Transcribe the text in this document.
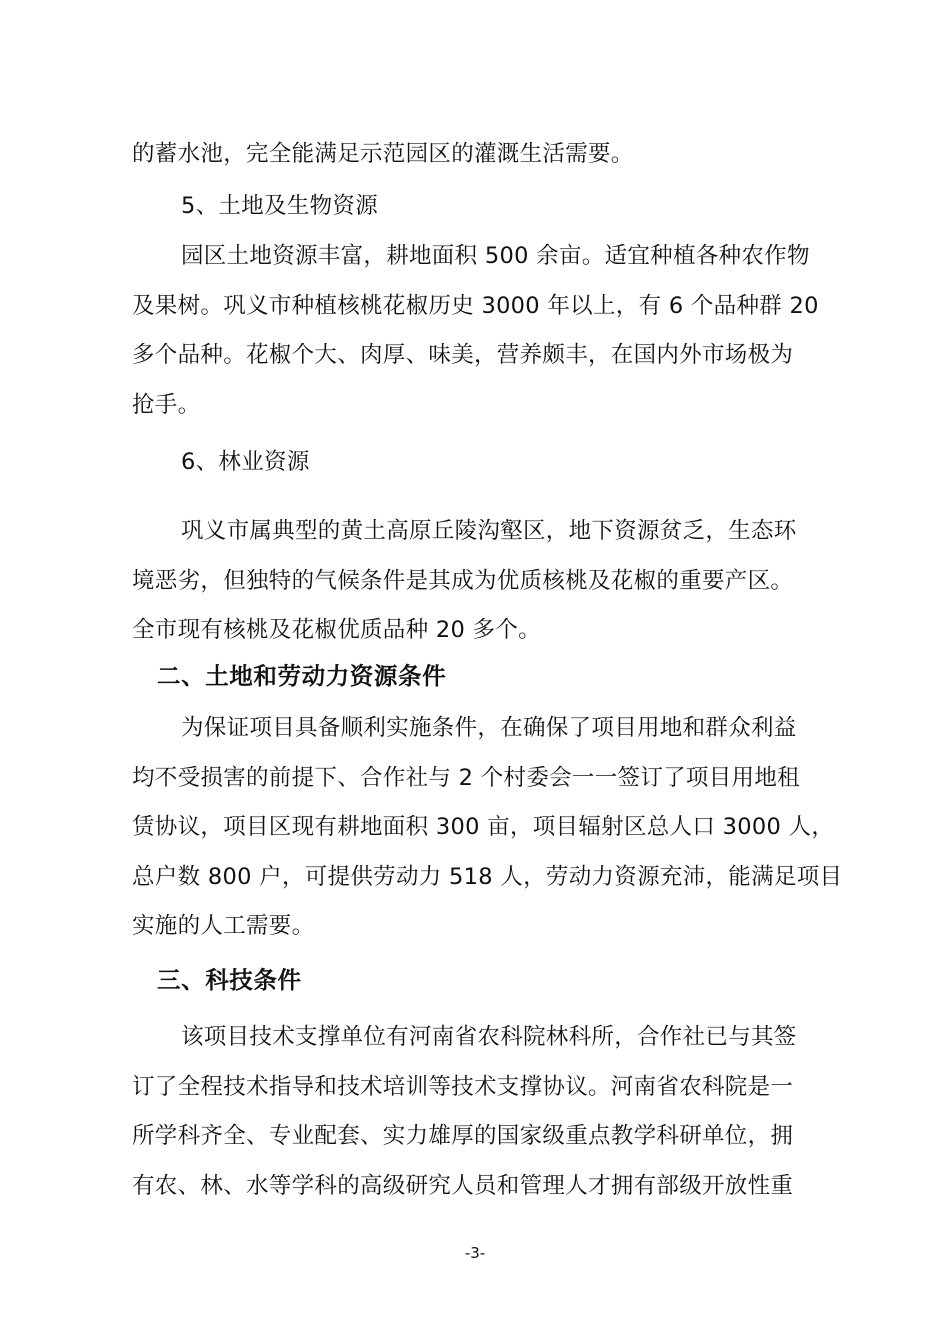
的蓄水池，完全能满足示范园区的灌溉生活需要。
5、土地及生物资源
园区土地资源丰富，耕地面积 500 余亩。适宜种植各种农作物
及果树。巩义市种植核桃花椒历史 3000 年以上，有 6 个品种群 20
多个品种。花椒个大、肉厚、味美，营养颇丰，在国内外市场极为
抢手。
6、林业资源
巩义市属典型的黄土高原丘陵沟壑区，地下资源贫乏，生态环
境恶劣，但独特的气候条件是其成为优质核桃及花椒的重要产区。
全市现有核桃及花椒优质品种 20 多个。
二、土地和劳动力资源条件
为保证项目具备顺利实施条件，在确保了项目用地和群众利益
均不受损害的前提下、合作社与 2 个村委会一一签订了项目用地租
赁协议，项目区现有耕地面积 300 亩，项目辐射区总人口 3000 人，
总户数 800 户，可提供劳动力 518 人，劳动力资源充沛，能满足项目
实施的人工需要。
三、科技条件
该项目技术支撑单位有河南省农科院林科所，合作社已与其签
订了全程技术指导和技术培训等技术支撑协议。河南省农科院是一
所学科齐全、专业配套、实力雄厚的国家级重点教学科研单位，拥
有农、林、水等学科的高级研究人员和管理人才拥有部级开放性重
-3-
